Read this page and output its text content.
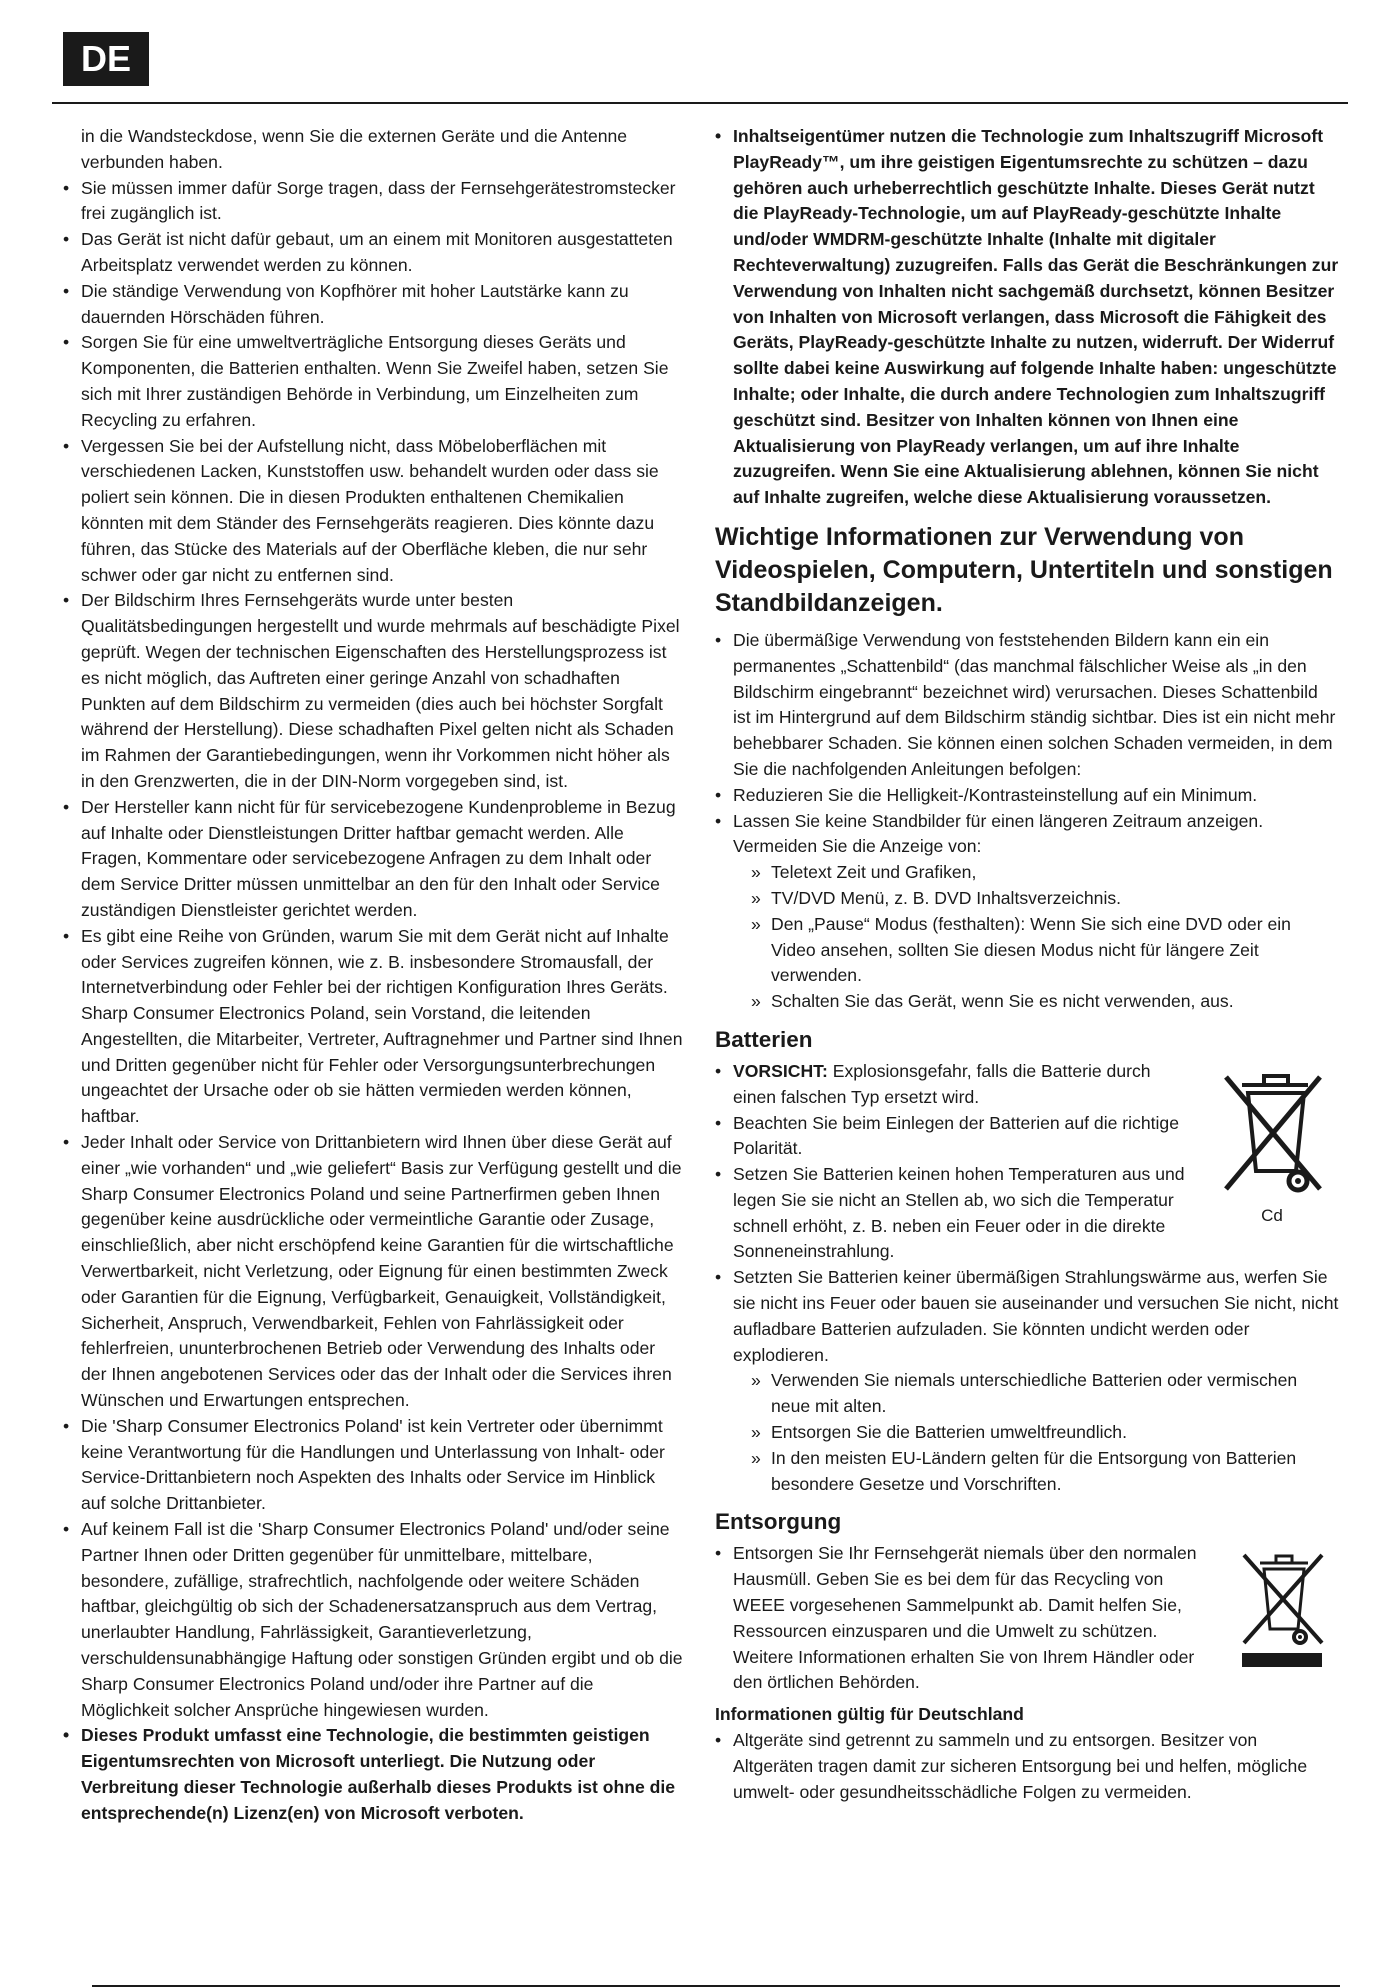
DE

in die Wandsteckdose, wenn Sie die externen Geräte und die Antenne verbunden haben.

• Sie müssen immer dafür Sorge tragen, dass der Fernsehgerätestromstecker frei zugänglich ist.
• Das Gerät ist nicht dafür gebaut, um an einem mit Monitoren ausgestatteten Arbeitsplatz verwendet werden zu können.
• Die ständige Verwendung von Kopfhörer mit hoher Lautstärke kann zu dauernden Hörschäden führen.
• Sorgen Sie für eine umweltverträgliche Entsorgung dieses Geräts und Komponenten, die Batterien enthalten. Wenn Sie Zweifel haben, setzen Sie sich mit Ihrer zuständigen Behörde in Verbindung, um Einzelheiten zum Recycling zu erfahren.
• Vergessen Sie bei der Aufstellung nicht, dass Möbeloberflächen mit verschiedenen Lacken, Kunststoffen usw. behandelt wurden oder dass sie poliert sein können. Die in diesen Produkten enthaltenen Chemikalien könnten mit dem Ständer des Fernsehgeräts reagieren. Dies könnte dazu führen, das Stücke des Materials auf der Oberfläche kleben, die nur sehr schwer oder gar nicht zu entfernen sind.
• Der Bildschirm Ihres Fernsehgeräts wurde unter besten Qualitätsbedingungen hergestellt und wurde mehrmals auf beschädigte Pixel geprüft. Wegen der technischen Eigenschaften des Herstellungsprozess ist es nicht möglich, das Auftreten einer geringe Anzahl von schadhaften Punkten auf dem Bildschirm zu vermeiden (dies auch bei höchster Sorgfalt während der Herstellung). Diese schadhaften Pixel gelten nicht als Schaden im Rahmen der Garantiebedingungen, wenn ihr Vorkommen nicht höher als in den Grenzwerten, die in der DIN-Norm vorgegeben sind, ist.
• Der Hersteller kann nicht für für servicebezogene Kundenprobleme in Bezug auf Inhalte oder Dienstleistungen Dritter haftbar gemacht werden. Alle Fragen, Kommentare oder servicebezogene Anfragen zu dem Inhalt oder dem Service Dritter müssen unmittelbar an den für den Inhalt oder Service zuständigen Dienstleister gerichtet werden.
• Es gibt eine Reihe von Gründen, warum Sie mit dem Gerät nicht auf Inhalte oder Services zugreifen können, wie z. B. insbesondere Stromausfall, der Internetverbindung oder Fehler bei der richtigen Konfiguration Ihres Geräts. Sharp Consumer Electronics Poland, sein Vorstand, die leitenden Angestellten, die Mitarbeiter, Vertreter, Auftragnehmer und Partner sind Ihnen und Dritten gegenüber nicht für Fehler oder Versorgungsunterbrechungen ungeachtet der Ursache oder ob sie hätten vermieden werden können, haftbar.
• Jeder Inhalt oder Service von Drittanbietern wird Ihnen über diese Gerät auf einer „wie vorhanden“ und „wie geliefert“ Basis zur Verfügung gestellt und die Sharp Consumer Electronics Poland und seine Partnerfirmen geben Ihnen gegenüber keine ausdrückliche oder vermeintliche Garantie oder Zusage, einschließlich, aber nicht erschöpfend keine Garantien für die wirtschaftliche Verwertbarkeit, nicht Verletzung, oder Eignung für einen bestimmten Zweck oder Garantien für die Eignung, Verfügbarkeit, Genauigkeit, Vollständigkeit, Sicherheit, Anspruch, Verwendbarkeit, Fehlen von Fahrlässigkeit oder fehlerfreien, ununterbrochenen Betrieb oder Verwendung des Inhalts oder der Ihnen angebotenen Services oder das der Inhalt oder die Services ihren Wünschen und Erwartungen entsprechen.
• Die 'Sharp Consumer Electronics Poland' ist kein Vertreter oder übernimmt keine Verantwortung für die Handlungen und Unterlassung von Inhalt- oder Service-Drittanbietern noch Aspekten des Inhalts oder Service im Hinblick auf solche Drittanbieter.
• Auf keinem Fall ist die 'Sharp Consumer Electronics Poland' und/oder seine Partner Ihnen oder Dritten gegenüber für unmittelbare, mittelbare, besondere, zufällige, strafrechtlich, nachfolgende oder weitere Schäden haftbar, gleichgültig ob sich der Schadenersatzanspruch aus dem Vertrag, unerlaubter Handlung, Fahrlässigkeit, Garantieverletzung, verschuldensunabhängige Haftung oder sonstigen Gründen ergibt und ob die Sharp Consumer Electronics Poland und/oder ihre Partner auf die Möglichkeit solcher Ansprüche hingewiesen wurden.
• Dieses Produkt umfasst eine Technologie, die bestimmten geistigen Eigentumsrechten von Microsoft unterliegt. Die Nutzung oder Verbreitung dieser Technologie außerhalb dieses Produkts ist ohne die entsprechende(n) Lizenz(en) von Microsoft verboten.
• Inhaltseigentümer nutzen die Technologie zum Inhaltszugriff Microsoft PlayReady™, um ihre geistigen Eigentumsrechte zu schützen – dazu gehören auch urheberrechtlich geschützte Inhalte. Dieses Gerät nutzt die PlayReady-Technologie, um auf PlayReady-geschützte Inhalte und/oder WMDRM-geschützte Inhalte (Inhalte mit digitaler Rechteverwaltung) zuzugreifen. Falls das Gerät die Beschränkungen zur Verwendung von Inhalten nicht sachgemäß durchsetzt, können Besitzer von Inhalten von Microsoft verlangen, dass Microsoft die Fähigkeit des Geräts, PlayReady-geschützte Inhalte zu nutzen, widerruft. Der Widerruf sollte dabei keine Auswirkung auf folgende Inhalte haben: ungeschützte Inhalte; oder Inhalte, die durch andere Technologien zum Inhaltszugriff geschützt sind. Besitzer von Inhalten können von Ihnen eine Aktualisierung von PlayReady verlangen, um auf ihre Inhalte zuzugreifen. Wenn Sie eine Aktualisierung ablehnen, können Sie nicht auf Inhalte zugreifen, welche diese Aktualisierung voraussetzen.
Wichtige Informationen zur Verwendung von Videospielen, Computern, Untertiteln und sonstigen Standbildanzeigen.
• Die übermäßige Verwendung von feststehenden Bildern kann ein ein permanentes „Schattenbild“ (das manchmal fälschlicher Weise als „in den Bildschirm eingebrannt“ bezeichnet wird) verursachen. Dieses Schattenbild ist im Hintergrund auf dem Bildschirm ständig sichtbar. Dies ist ein nicht mehr behebbarer Schaden. Sie können einen solchen Schaden vermeiden, in dem Sie die nachfolgenden Anleitungen befolgen:
• Reduzieren Sie die Helligkeit-/Kontrasteinstellung auf ein Minimum.
• Lassen Sie keine Standbilder für einen längeren Zeitraum anzeigen. Vermeiden Sie die Anzeige von:
» Teletext Zeit und Grafiken,
» TV/DVD Menü, z. B. DVD Inhaltsverzeichnis.
» Den „Pause“ Modus (festhalten): Wenn Sie sich eine DVD oder ein Video ansehen, sollten Sie diesen Modus nicht für längere Zeit verwenden.
» Schalten Sie das Gerät, wenn Sie es nicht verwenden, aus.
Batterien
Cd
• VORSICHT: Explosionsgefahr, falls die Batterie durch einen falschen Typ ersetzt wird.
• Beachten Sie beim Einlegen der Batterien auf die richtige Polarität.
• Setzen Sie Batterien keinen hohen Temperaturen aus und legen Sie sie nicht an Stellen ab, wo sich die Temperatur schnell erhöht, z. B. neben ein Feuer oder in die direkte Sonneneinstrahlung.
• Setzten Sie Batterien keiner übermäßigen Strahlungswärme aus, werfen Sie sie nicht ins Feuer oder bauen sie auseinander und versuchen Sie nicht, nicht aufladbare Batterien aufzuladen. Sie könnten undicht werden oder explodieren.
» Verwenden Sie niemals unterschiedliche Batterien oder vermischen neue mit alten.
» Entsorgen Sie die Batterien umweltfreundlich.
» In den meisten EU-Ländern gelten für die Entsorgung von Batterien besondere Gesetze und Vorschriften.
Entsorgung
• Entsorgen Sie Ihr Fernsehgerät niemals über den normalen Hausmüll. Geben Sie es bei dem für das Recycling von WEEE vorgesehenen Sammelpunkt ab. Damit helfen Sie, Ressourcen einzusparen und die Umwelt zu schützen. Weitere Informationen erhalten Sie von Ihrem Händler oder den örtlichen Behörden.
Informationen gültig für Deutschland
• Altgeräte sind getrennt zu sammeln und zu entsorgen. Besitzer von Altgeräten tragen damit zur sicheren Entsorgung bei und helfen, mögliche umwelt- oder gesundheitsschädliche Folgen zu vermeiden.
